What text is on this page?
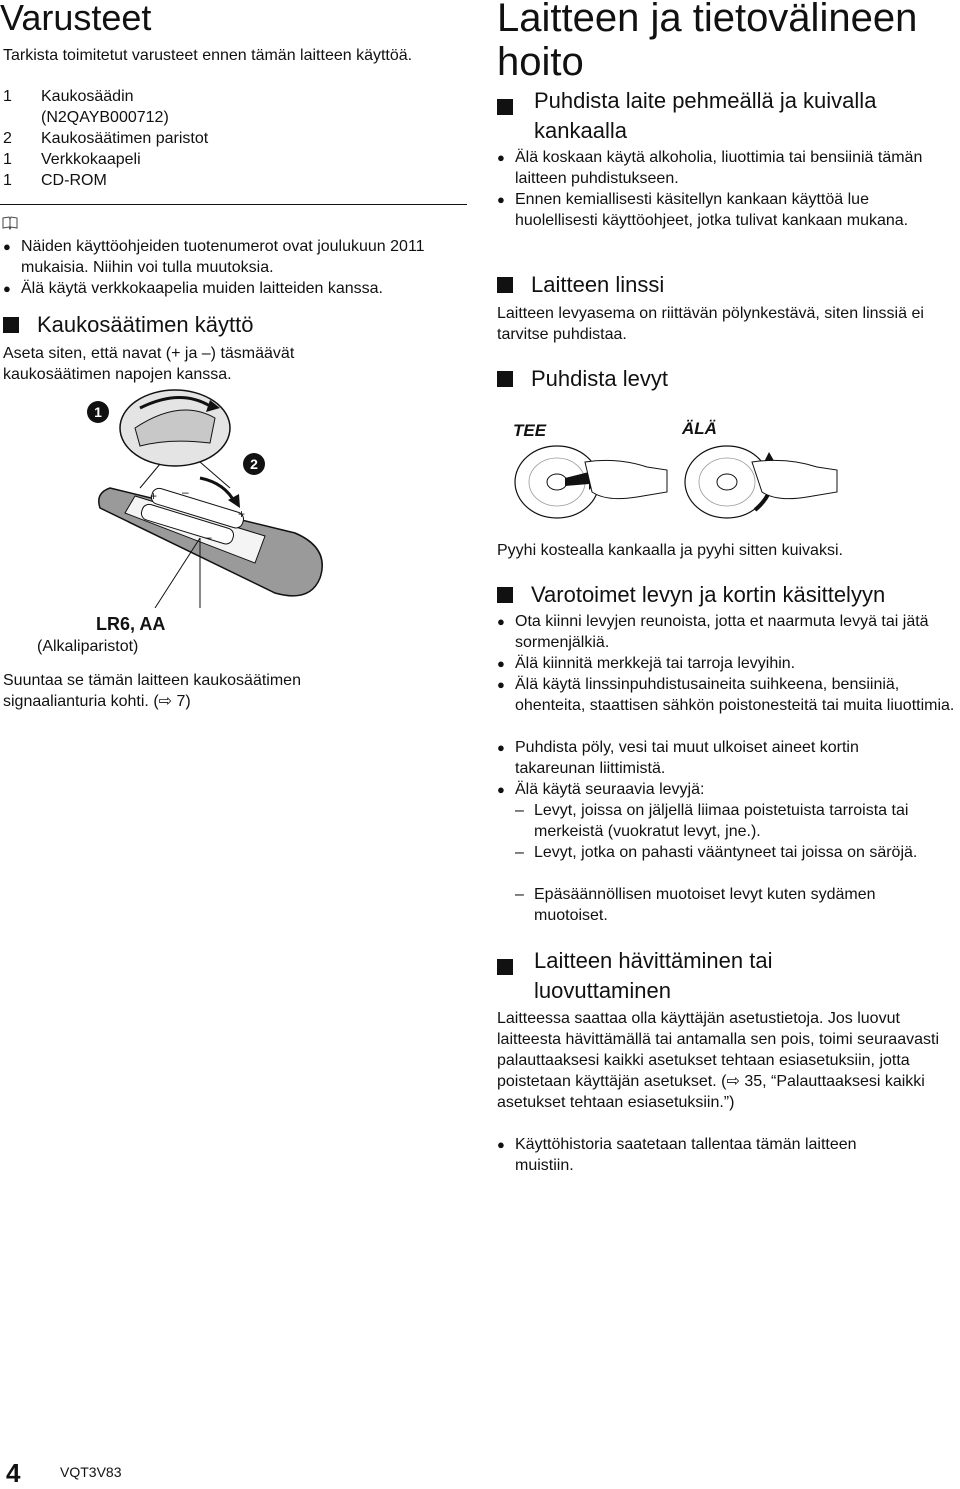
Varusteet
Tarkista toimitetut varusteet ennen tämän laitteen käyttöä.
1	Kaukosäädin
(N2QAYB000712)
2	Kaukosäätimen paristot
1	Verkkokaapeli
1	CD-ROM
● Näiden käyttöohjeiden tuotenumerot ovat joulukuun 2011 mukaisia. Niihin voi tulla muutoksia.
● Älä käytä verkkokaapelia muiden laitteiden kanssa.
Kaukosäätimen käyttö
Aseta siten, että navat (+ ja –) täsmäävät kaukosäätimen napojen kanssa.
1
2
+ –
+
–
LR6, AA
(Alkaliparistot)
Suuntaa se tämän laitteen kaukosäätimen signaalianturia kohti. (⇨ 7)
Laitteen ja tietovälineen hoito
Puhdista laite pehmeällä ja kuivalla kankaalla
● Älä koskaan käytä alkoholia, liuottimia tai bensiiniä tämän laitteen puhdistukseen.
● Ennen kemiallisesti käsitellyn kankaan käyttöä lue huolellisesti käyttöohjeet, jotka tulivat kankaan mukana.
Laitteen linssi
Laitteen levyasema on riittävän pölynkestävä, siten linssiä ei tarvitse puhdistaa.
Puhdista levyt
TEE	ÄLÄ
Pyyhi kostealla kankaalla ja pyyhi sitten kuivaksi.
Varotoimet levyn ja kortin käsittelyyn
● Ota kiinni levyjen reunoista, jotta et naarmuta levyä tai jätä sormenjälkiä.
● Älä kiinnitä merkkejä tai tarroja levyihin.
● Älä käytä linssinpuhdistusaineita suihkeena, bensiiniä, ohenteita, staattisen sähkön poistonesteitä tai muita liuottimia.
● Puhdista pöly, vesi tai muut ulkoiset aineet kortin takareunan liittimistä.
● Älä käytä seuraavia levyjä:
– Levyt, joissa on jäljellä liimaa poistetuista tarroista tai merkeistä (vuokratut levyt, jne.).
– Levyt, jotka on pahasti vääntyneet tai joissa on säröjä.
– Epäsäännöllisen muotoiset levyt kuten sydämen muotoiset.
Laitteen hävittäminen tai luovuttaminen
Laitteessa saattaa olla käyttäjän asetustietoja. Jos luovut laitteesta hävittämällä tai antamalla sen pois, toimi seuraavasti palauttaaksesi kaikki asetukset tehtaan esiasetuksiin, jotta poistetaan käyttäjän asetukset. (⇨ 35, “Palauttaaksesi kaikki asetukset tehtaan esiasetuksiin.”)
● Käyttöhistoria saatetaan tallentaa tämän laitteen muistiin.
4	VQT3V83
